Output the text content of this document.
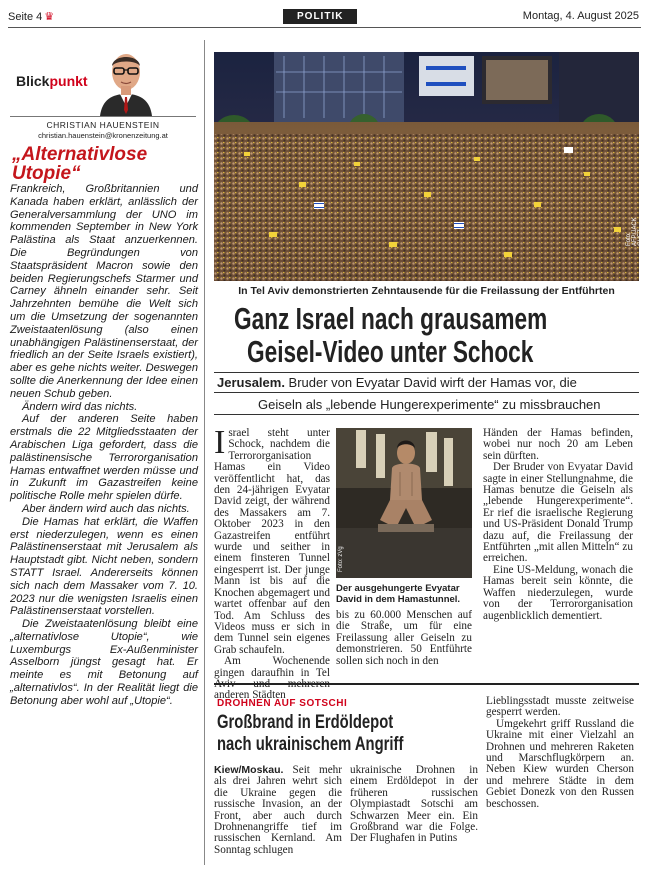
Seite 4 ♛	POLITIK	Montag, 4. August 2025
Blickpunkt
CHRISTIAN HAUENSTEIN
christian.hauenstein@kronenzeitung.at
„Alternativlose Utopie“

Frankreich, Großbritannien und Kanada haben erklärt, anlässlich der Generalversammlung der UNO im kommenden September in New York Palästina als Staat anzuerkennen. Die Begründungen von Staatspräsident Macron sowie den beiden Regierungschefs Starmer und Carney ähneln einander sehr. Seit Jahrzehnten bemühe die Welt sich um die Umsetzung der sogenannten Zweistaatenlösung (also einen unabhängigen Palästinenserstaat, der friedlich an der Seite Israels existiert), aber es gehe nichts weiter. Deswegen sollte die Anerkennung der Idee einen neuen Schub geben.

Ändern wird das nichts.

Auf der anderen Seite haben erstmals die 22 Mitgliedsstaaten der Arabischen Liga gefordert, dass die palästinensische Terrororganisation Hamas entwaffnet werden müsse und in Zukunft im Gazastreifen keine politische Rolle mehr spielen dürfe.

Aber ändern wird auch das nichts.

Die Hamas hat erklärt, die Waffen erst niederzulegen, wenn es einen Palästinenserstaat mit Jerusalem als Hauptstadt gibt. Nicht neben, sondern STATT Israel. Andererseits können sich nach dem Massaker vom 7. 10. 2023 nur die wenigsten Israelis einen Palästinenserstaat vorstellen.

Die Zweistaatenlösung bleibt eine „alternativlose Utopie“, wie Luxemburgs Ex-Außenminister Asselborn jüngst gesagt hat. Er meinte es mit Betonung auf „alternativlos“. In der Realität liegt die Betonung aber wohl auf „Utopie“.

Foto: AFP/JACK GUEZ
In Tel Aviv demonstrierten Zehntausende für die Freilassung der Entführten
Ganz Israel nach grausamem
Geisel-Video unter Schock
Jerusalem. Bruder von Evyatar David wirft der Hamas vor, die
Geiseln als „lebende Hungerexperimente“ zu missbrauchen

Israel steht unter Schock, nachdem die Terrororganisation Hamas ein Video veröffentlicht hat, das den 24-jährigen Evyatar David zeigt, der während des Massakers am 7. Oktober 2023 in den Gazastreifen entführt wurde und seither in einem finsteren Tunnel eingesperrt ist. Der junge Mann ist bis auf die Knochen abgemagert und wartet offenbar auf den Tod. Am Schluss des Videos muss er sich in dem Tunnel sein eigenes Grab schaufeln.

Am Wochenende gingen daraufhin in Tel anderen Städten

Foto: zVg
Der ausgehungerte Evyatar David in dem Hamastunnel.

bis zu 60.000 Menschen auf die Straße, um für eine Freilassung aller Geiseln zu demonstrieren. 50 Entführte sollen sich noch in den

Händen der Hamas befinden, wobei nur noch 20 am Leben sein dürften.

Der Bruder von Evyatar David sagte in einer Stellungnahme, die Hamas benutze die Geiseln als „lebende Hungerexperimente“. Er rief die israelische Regierung und US-Präsident Donald Trump dazu auf, die Freilassung der Entführten „mit allen Mitteln“ zu erreichen.

Eine US-Meldung, wonach die Hamas bereit sein könnte, die Waffen niederzulegen, wurde von der Terrororganisation augenblicklich dementiert.

DROHNEN AUF SOTSCHI
Großbrand in Erdöldepot
nach ukrainischem Angriff

Kiew/Moskau. Seit mehr als drei Jahren wehrt sich die Ukraine gegen die russische Invasion, an der Front, aber auch durch Drohnenangriffe tief im russischen Kernland. Am Sonntag schlugen

ukrainische Drohnen in einem Erdöldepot in der früheren russischen Olympiastadt Sotschi am Schwarzen Meer ein. Ein Großbrand war die Folge. Der Flughafen in Putins

Lieblingsstadt musste zeitweise gesperrt werden.

Umgekehrt griff Russland die Ukraine mit einer Vielzahl an Drohnen und mehreren Raketen und Marschflugkörpern an. Neben Kiew wurden Cherson und mehrere Städte in dem Gebiet Donezk von den Russen beschossen.
